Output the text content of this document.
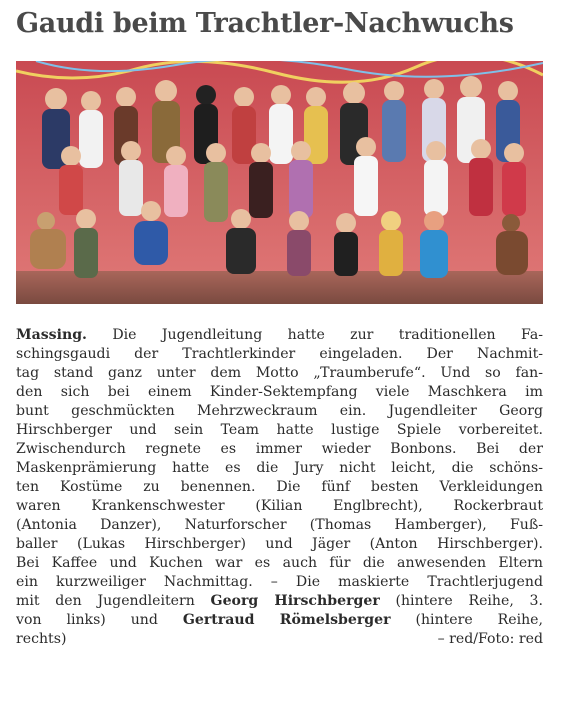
Gaudi beim Trachtler-Nachwuchs
Massing. Die Jugendleitung hatte zur traditionellen Fa-
schingsgaudi der Trachtlerkinder eingeladen. Der Nachmit-
tag stand ganz unter dem Motto „Traumberufe“. Und so fan-
den sich bei einem Kinder-Sektempfang viele Maschkera im
bunt geschmückten Mehrzweckraum ein. Jugendleiter Georg
Hirschberger und sein Team hatte lustige Spiele vorbereitet.
Zwischendurch regnete es immer wieder Bonbons. Bei der
Maskenprämierung hatte es die Jury nicht leicht, die schöns-
ten Kostüme zu benennen. Die fünf besten Verkleidungen
waren Krankenschwester (Kilian Englbrecht), Rockerbraut
(Antonia Danzer), Naturforscher (Thomas Hamberger), Fuß-
baller (Lukas Hirschberger) und Jäger (Anton Hirschberger).
Bei Kaffee und Kuchen war es auch für die anwesenden Eltern
ein kurzweiliger Nachmittag. – Die maskierte Trachtlerjugend
mit den Jugendleitern Georg Hirschberger (hintere Reihe, 3.
von links) und Gertraud Römelsberger (hintere Reihe,
rechts)	– red/Foto: red
